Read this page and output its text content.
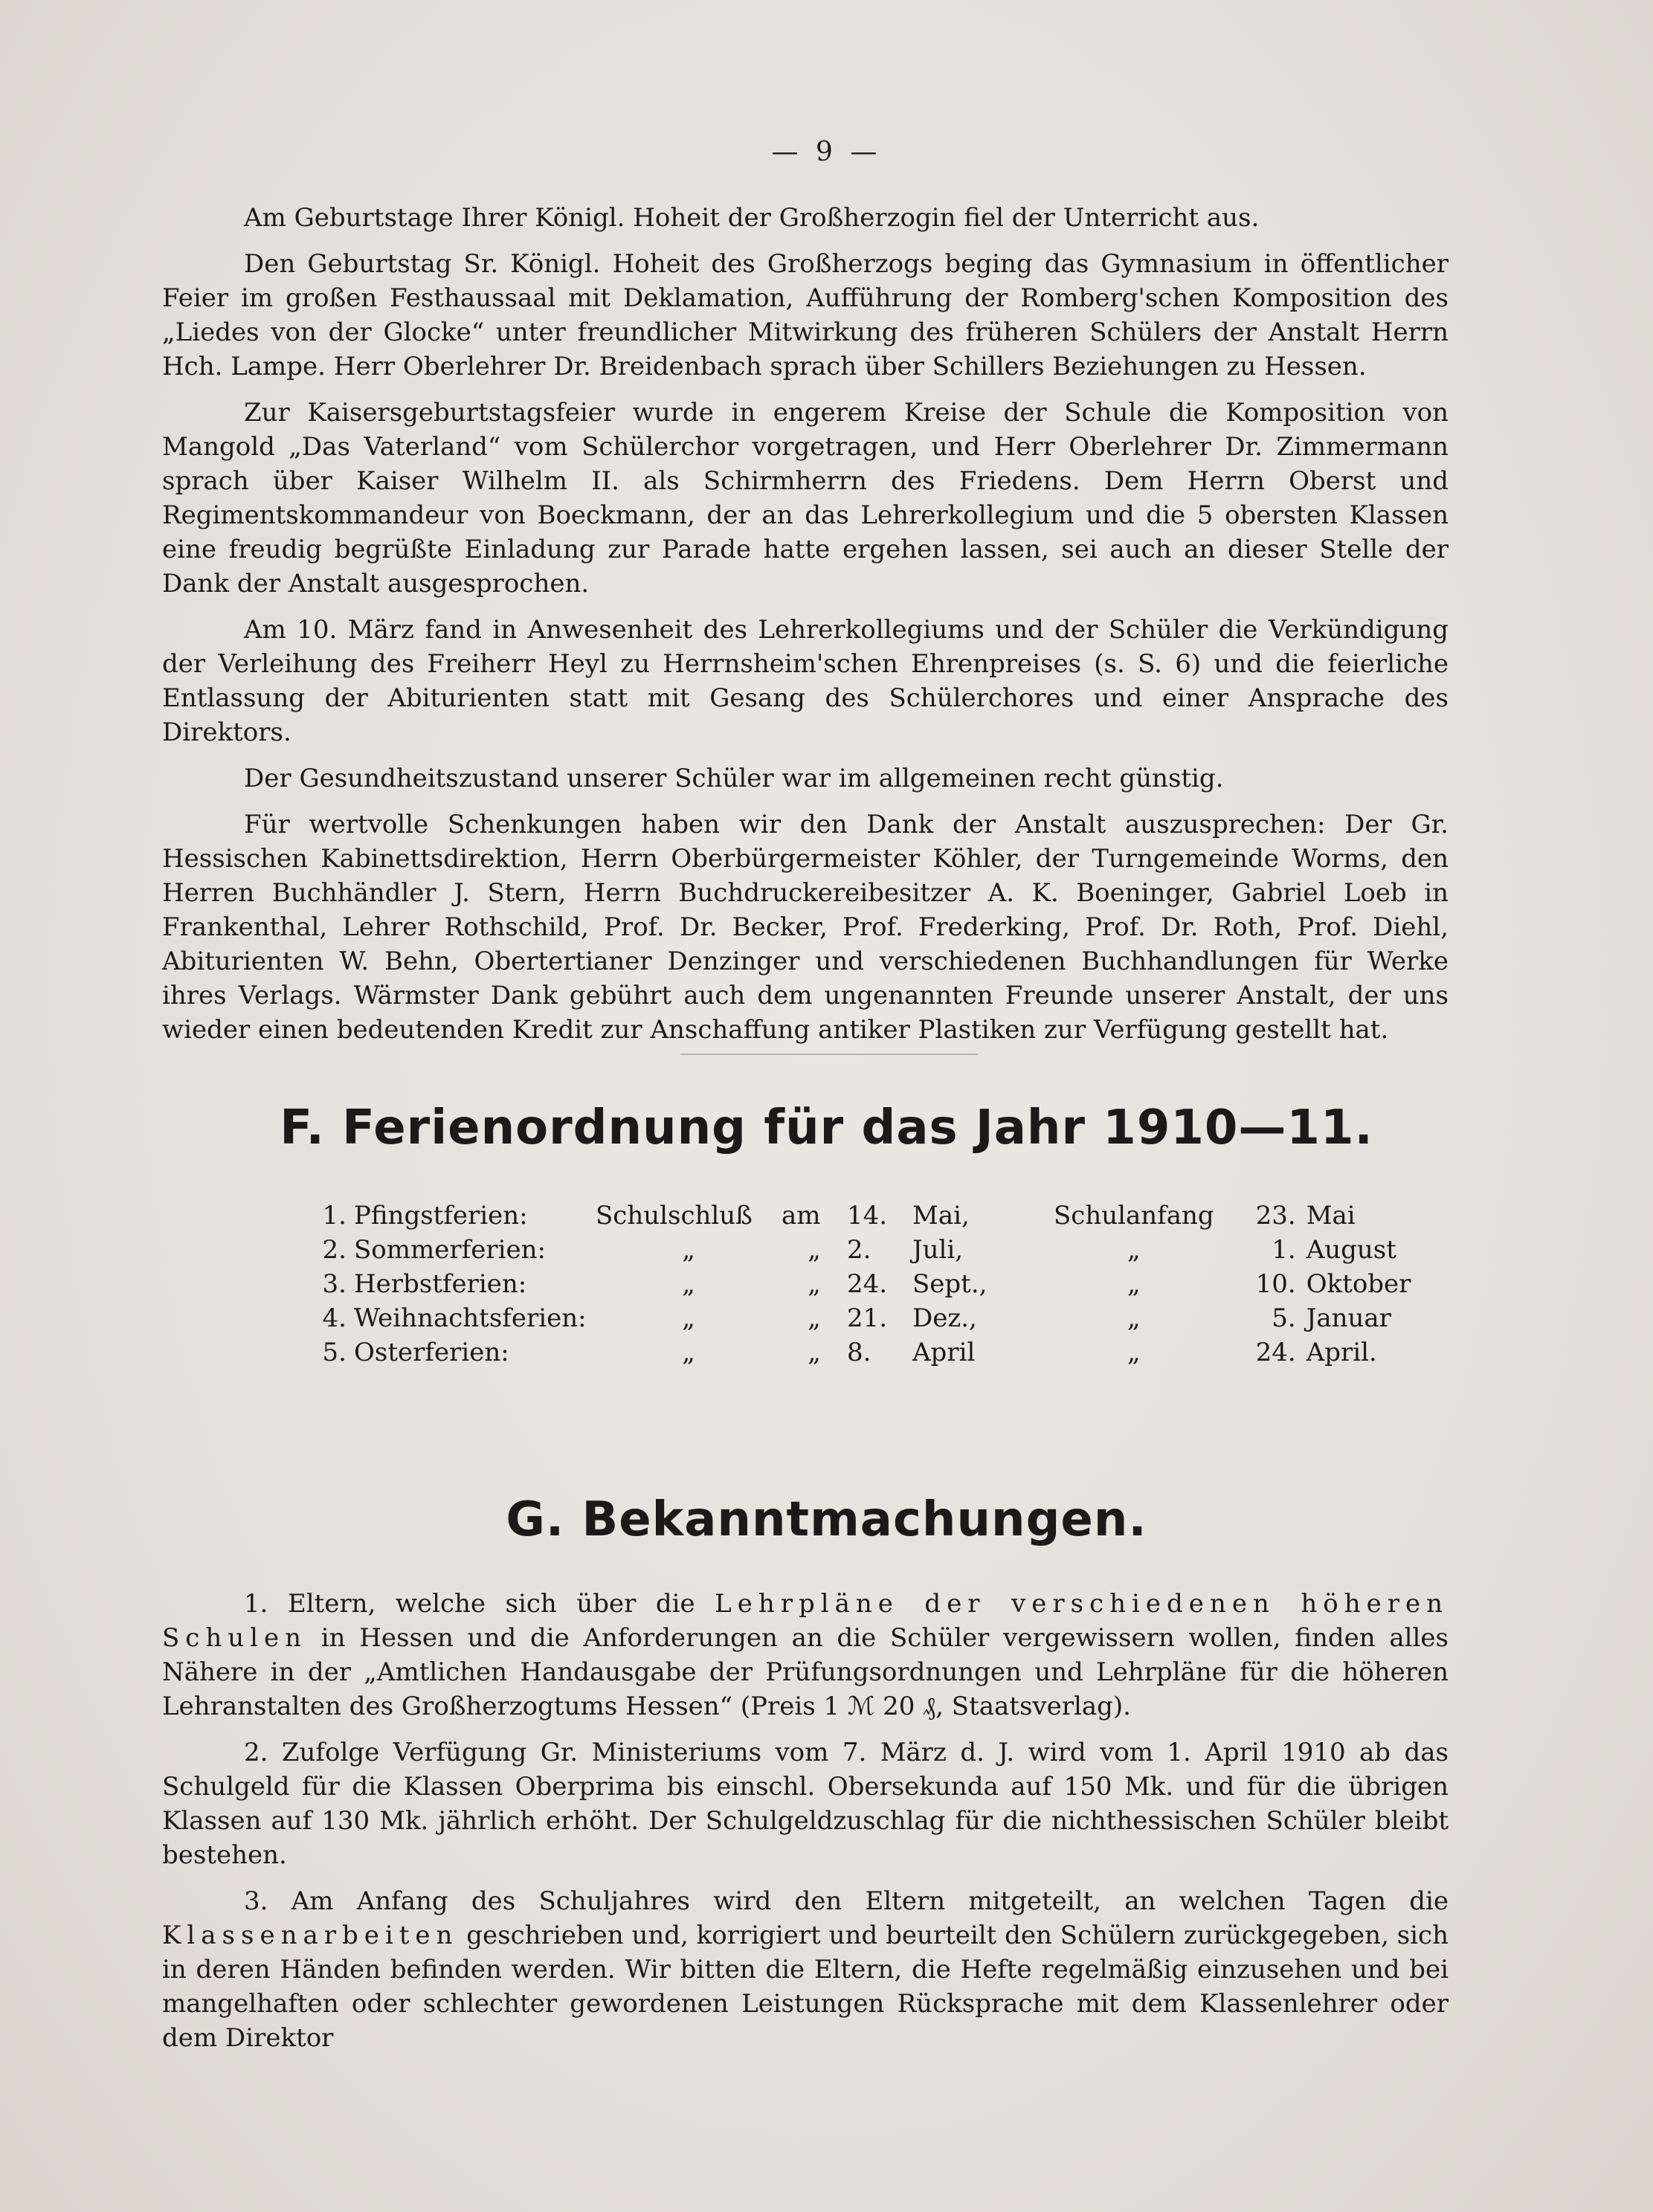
— 9 —

Am Geburtstage Ihrer Königl. Hoheit der Großherzogin fiel der Unterricht aus.

Den Geburtstag Sr. Königl. Hoheit des Großherzogs beging das Gymnasium in öffentlicher Feier im großen Festhaussaal mit Deklamation, Aufführung der Romberg'schen Komposition des „Liedes von der Glocke“ unter freundlicher Mitwirkung des früheren Schülers der Anstalt Herrn Hch. Lampe. Herr Oberlehrer Dr. Breidenbach sprach über Schillers Beziehungen zu Hessen.

Zur Kaisersgeburtstagsfeier wurde in engerem Kreise der Schule die Komposition von Mangold „Das Vaterland“ vom Schülerchor vorgetragen, und Herr Oberlehrer Dr. Zimmermann sprach über Kaiser Wilhelm II. als Schirmherrn des Friedens. Dem Herrn Oberst und Regimentskommandeur von Boeckmann, der an das Lehrerkollegium und die 5 obersten Klassen eine freudig begrüßte Einladung zur Parade hatte ergehen lassen, sei auch an dieser Stelle der Dank der Anstalt ausgesprochen.

Am 10. März fand in Anwesenheit des Lehrerkollegiums und der Schüler die Verkündigung der Verleihung des Freiherr Heyl zu Herrnsheim'schen Ehrenpreises (s. S. 6) und die feierliche Entlassung der Abiturienten statt mit Gesang des Schülerchores und einer Ansprache des Direktors.

Der Gesundheitszustand unserer Schüler war im allgemeinen recht günstig.

Für wertvolle Schenkungen haben wir den Dank der Anstalt auszusprechen: Der Gr. Hessischen Kabinettsdirektion, Herrn Oberbürgermeister Köhler, der Turngemeinde Worms, den Herren Buchhändler J. Stern, Herrn Buchdruckereibesitzer A. K. Boeninger, Gabriel Loeb in Frankenthal, Lehrer Rothschild, Prof. Dr. Becker, Prof. Frederking, Prof. Dr. Roth, Prof. Diehl, Abiturienten W. Behn, Obertertianer Denzinger und verschiedenen Buchhandlungen für Werke ihres Verlags. Wärmster Dank gebührt auch dem ungenannten Freunde unserer Anstalt, der uns wieder einen bedeutenden Kredit zur Anschaffung antiker Plastiken zur Verfügung gestellt hat.

F. Ferienordnung für das Jahr 1910—11.
1.	Pfingstferien:	Schulschluß	am	14.	Mai,	Schulanfang	23.	Mai
2.	Sommerferien:	„	„	2.	Juli,	„	1.	August
3.	Herbstferien:	„	„	24.	Sept.,	„	10.	Oktober
4.	Weihnachtsferien:	„	„	21.	Dez.,	„	5.	Januar
5.	Osterferien:	„	„	8.	April	„	24.	April.
G. Bekanntmachungen.

1. Eltern, welche sich über die Lehrpläne der verschiedenen höheren Schulen in Hessen und die Anforderungen an die Schüler vergewissern wollen, finden alles Nähere in der „Amtlichen Handausgabe der Prüfungsordnungen und Lehrpläne für die höheren Lehranstalten des Großherzogtums Hessen“ (Preis 1 ℳ 20 ₰, Staatsverlag).

2. Zufolge Verfügung Gr. Ministeriums vom 7. März d. J. wird vom 1. April 1910 ab das Schulgeld für die Klassen Oberprima bis einschl. Obersekunda auf 150 Mk. und für die übrigen Klassen auf 130 Mk. jährlich erhöht. Der Schulgeldzuschlag für die nichthessischen Schüler bleibt bestehen.

3. Am Anfang des Schuljahres wird den Eltern mitgeteilt, an welchen Tagen die Klassenarbeiten geschrieben und, korrigiert und beurteilt den Schülern zurückgegeben, sich in deren Händen befinden werden. Wir bitten die Eltern, die Hefte regelmäßig einzusehen und bei mangelhaften oder schlechter gewordenen Leistungen Rücksprache mit dem Klassenlehrer oder dem Direktor
